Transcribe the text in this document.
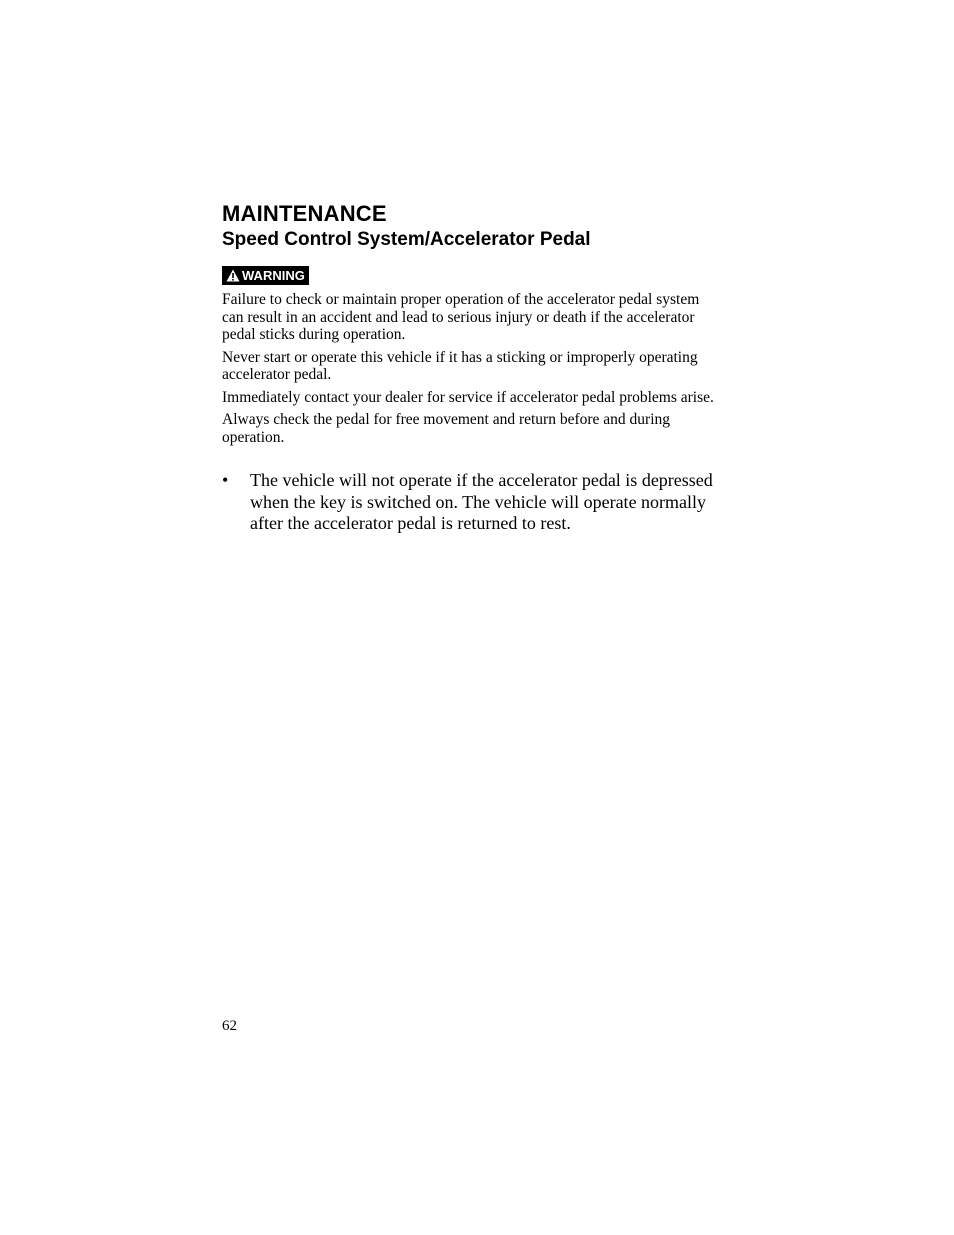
MAINTENANCE
Speed Control System/Accelerator Pedal
WARNING

Failure to check or maintain proper operation of the accelerator pedal system can result in an accident and lead to serious injury or death if the accelerator pedal sticks during operation.

Never start or operate this vehicle if it has a sticking or improperly operating accelerator pedal.

Immediately contact your dealer for service if accelerator pedal problems arise.

Always check the pedal for free movement and return before and during operation.

• The vehicle will not operate if the accelerator pedal is depressed when the key is switched on. The vehicle will operate normally after the accelerator pedal is returned to rest.
62
